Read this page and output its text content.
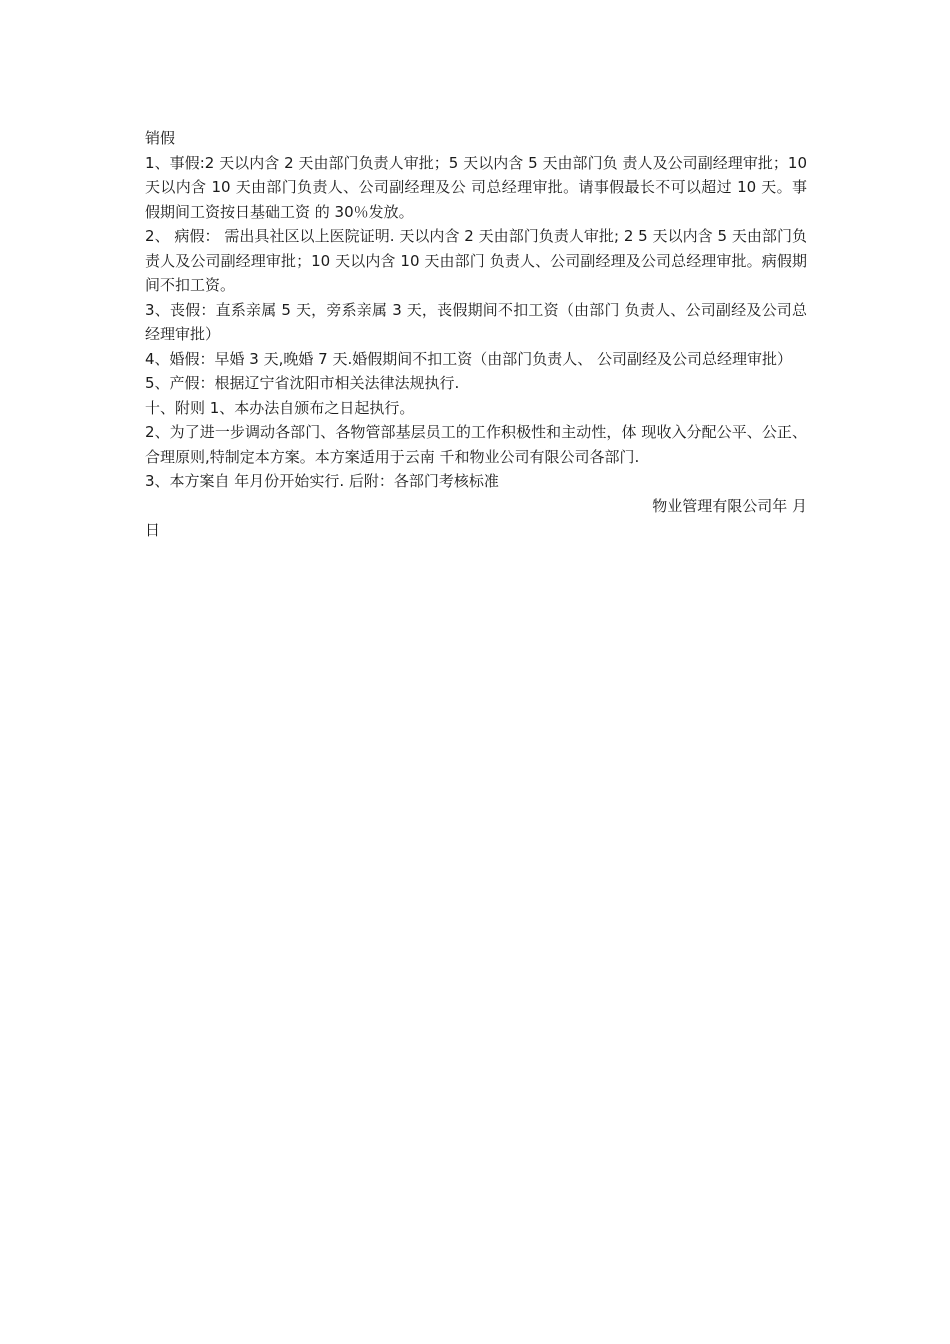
销假

1、事假:2 天以内含 2 天由部门负责人审批；5 天以内含 5 天由部门负 责人及公司副经理审批；10 天以内含 10 天由部门负责人、公司副经理及公 司总经理审批。请事假最长不可以超过 10 天。事假期间工资按日基础工资 的 30％发放。

2、 病假： 需出具社区以上医院证明. 天以内含 2 天由部门负责人审批; 2 5 天以内含 5 天由部门负责人及公司副经理审批；10 天以内含 10 天由部门 负责人、公司副经理及公司总经理审批。病假期间不扣工资。

3、丧假：直系亲属 5 天，旁系亲属 3 天，丧假期间不扣工资（由部门 负责人、公司副经及公司总经理审批）

4、婚假：早婚 3 天,晚婚 7 天.婚假期间不扣工资（由部门负责人、 公司副经及公司总经理审批）

5、产假：根据辽宁省沈阳市相关法律法规执行.

十、附则 1、本办法自颁布之日起执行。

2、为了进一步调动各部门、各物管部基层员工的工作积极性和主动性，体 现收入分配公平、公正、合理原则,特制定本方案。本方案适用于云南 千和物业公司有限公司各部门.

3、本方案自 年月份开始实行. 后附：各部门考核标准

物业管理有限公司年 月

日
